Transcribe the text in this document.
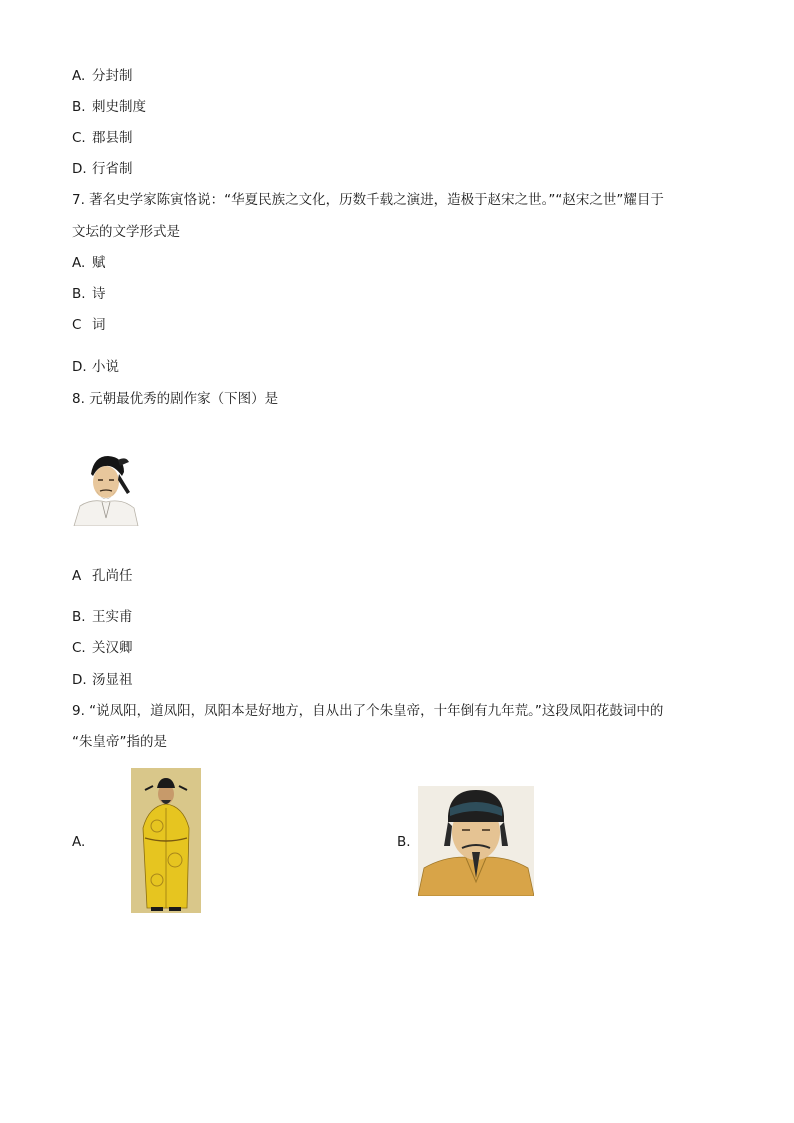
A. 分封制
B. 刺史制度
C. 郡县制
D. 行省制
7. 著名史学家陈寅恪说：“华夏民族之文化，历数千载之演进，造极于赵宋之世。”“赵宋之世”耀目于
文坛的文学形式是
A. 赋
B. 诗
C 词
D. 小说
8. 元朝最优秀的剧作家（下图）是
A 孔尚任
B. 王实甫
C. 关汉卿
D. 汤显祖
9. “说凤阳，道凤阳，凤阳本是好地方，自从出了个朱皇帝，十年倒有九年荒。”这段凤阳花鼓词中的
“朱皇帝”指的是
A.	B.
